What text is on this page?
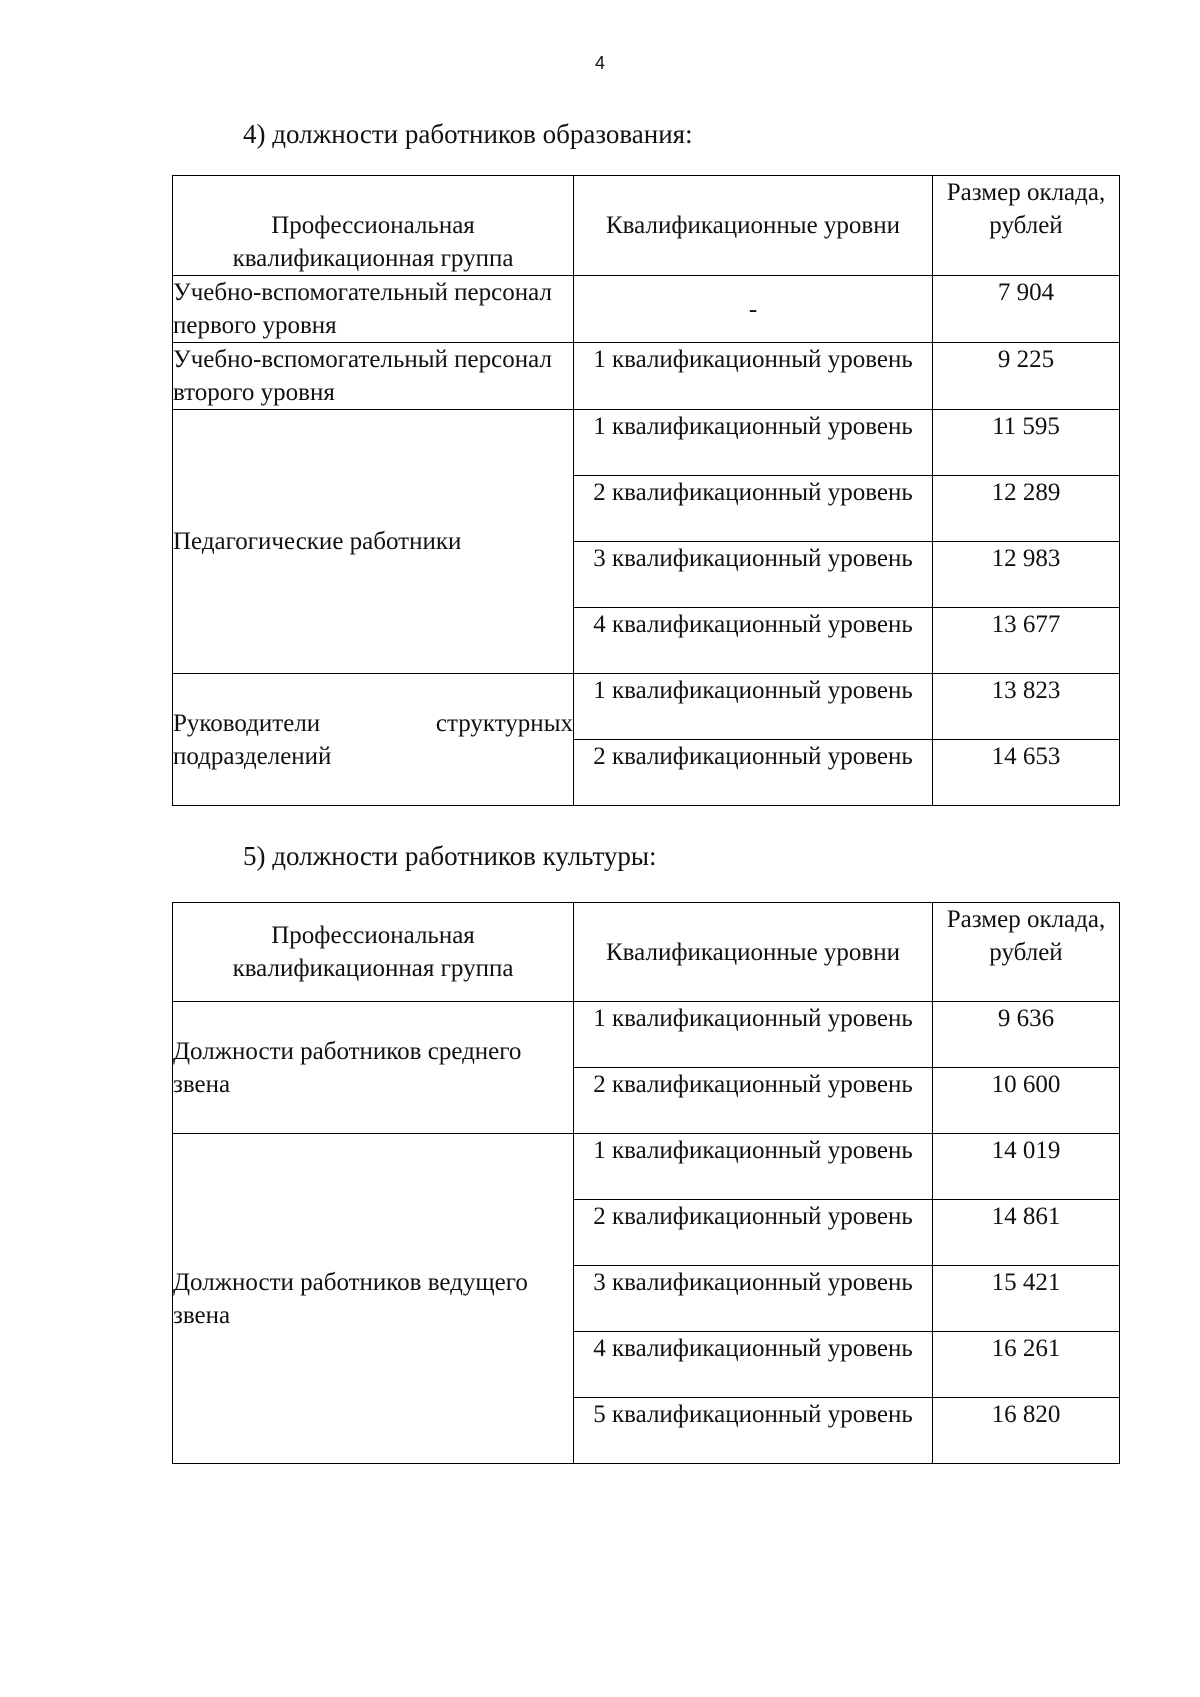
4
4) должности работников образования:
Профессиональная квалификационная группа	Квалификационные уровни	Размер оклада, рублей
Учебно-вспомогательный персонал первого уровня	-	7 904
Учебно-вспомогательный персонал второго уровня	1 квалификационный уровень	9 225
Педагогические работники	1 квалификационный уровень	11 595
	2 квалификационный уровень	12 289
	3 квалификационный уровень	12 983
	4 квалификационный уровень	13 677
Руководители структурных подразделений	1 квалификационный уровень	13 823
	2 квалификационный уровень	14 653
5) должности работников культуры:
Профессиональная квалификационная группа	Квалификационные уровни	Размер оклада, рублей
Должности работников среднего звена	1 квалификационный уровень	9 636
	2 квалификационный уровень	10 600
Должности работников ведущего звена	1 квалификационный уровень	14 019
	2 квалификационный уровень	14 861
	3 квалификационный уровень	15 421
	4 квалификационный уровень	16 261
	5 квалификационный уровень	16 820
